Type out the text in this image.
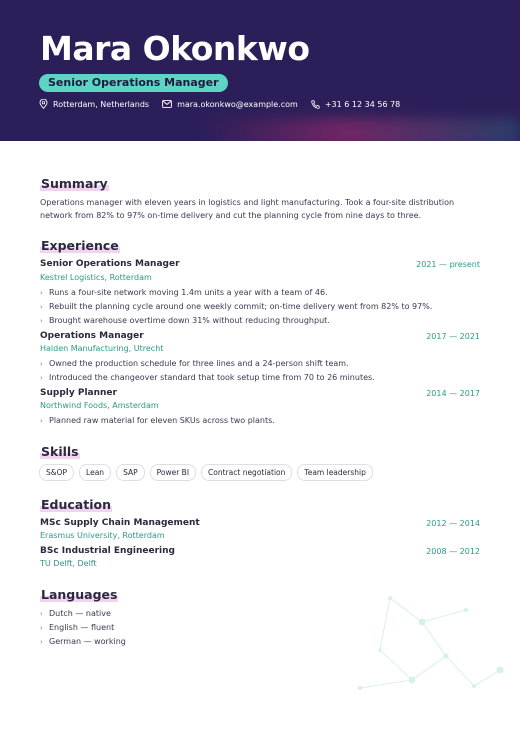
Mara Okonkwo
Senior Operations Manager
Rotterdam, Netherlands	mara.okonkwo@example.com	+31 6 12 34 56 78
Summary

Operations manager with eleven years in logistics and light manufacturing. Took a four-site distribution network from 82% to 97% on-time delivery and cut the planning cycle from nine days to three.

Experience
Senior Operations Manager	2021 — present
Kestrel Logistics, Rotterdam
› Runs a four-site network moving 1.4m units a year with a team of 46.
› Rebuilt the planning cycle around one weekly commit; on-time delivery went from 82% to 97%.
› Brought warehouse overtime down 31% without reducing throughput.
Operations Manager	2017 — 2021
Halden Manufacturing, Utrecht
› Owned the production schedule for three lines and a 24-person shift team.
› Introduced the changeover standard that took setup time from 70 to 26 minutes.
Supply Planner	2014 — 2017
Northwind Foods, Amsterdam
› Planned raw material for eleven SKUs across two plants.
Skills
S&OP	Lean	SAP	Power BI	Contract negotiation	Team leadership
Education
MSc Supply Chain Management	2012 — 2014
Erasmus University, Rotterdam
BSc Industrial Engineering	2008 — 2012
TU Delft, Delft
Languages
› Dutch — native
› English — fluent
› German — working
